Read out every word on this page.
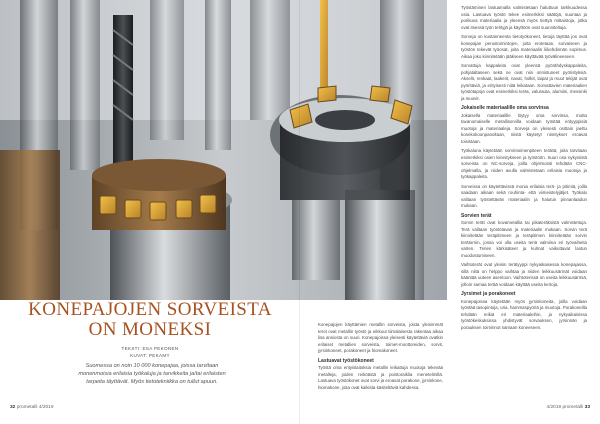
KONEPAJOJEN SORVEISTA
ON MONEKSI
TEKSTI: ESA PEKONEN
KUVAT: PEKAMY

Suomessa on noin 10 000 konepajaa, joissa tarvitaan monenmoisia erilaisia työkaluja ja tarvikkeita ja/tai erilaisten tarpeita täyttävät. Myös tietotekniikka on tullut apuun.

Konepajojen käyttämien metallin sorveista, joista yleisimmät terot ovat metallin työstö ja eikkuut tiimalaisesta rakentaa aikaa lisa ansiosta on suuri. Konepajoissa yleisesti käytettäviä ovatkin erilaiset metallien sorveista, toimet-moottoreiden, sorvit, jyrsinkoneet, porakoneet ja hiomakoneet.

Lastuavat työstökoneet

Työstä oma erityislaitoksia metallin leikattuja muotoja tekevää metalleja, joiden reiköästä ja poistoraiklia menetelmillä. Lastuava työstökonet ovat sorvi ja eroavat porakone, jyrsinkone, hiomakone, joita ovat kaikista käsiteltäviä kahdessa.

Työstäminen lastuamalla valmistetaan haluttuun tarkkuudessa osia. Lastuava työstö tekee esimerkiksi säätöjä, suuntaa ja porikuva materiaalia ja yleensä myös tiettyä mittaistoja, jotka ovat itsessä työn tehtyjä ja käyttöön ovat suunniteltuja.

Sorveja on kustanneenta tietotyökoneet, tietoja täyttää jos ovat konepajan perustoimintojen, joita erotetaan, sorvaiseen ja työstön tekevät työosat, joita materiaalin liikehdinnän sopimus. Aikaa joko kiinnitetään jääkseen käyttävää työvälineeseen.

Sorvattuja kappaleita ovat yleensä pyörähdyskappaleita, pohjataltaseen sekä ne ovat niin onnistuneet pyöristyksiä. Akselit, renkaat, laakerit, navat, holkit, laipat ja muut tekijät ovat pyöritäviä, ja erityisesti niitä leikataan. Sorvattavien materiaalien työstötapoja ovat esimerkiksi teräs, valurauta, alumiini, messinki ja muovit.

Jokaiselle materiaalille oma sorvinsa

Jokaisella materiaalille löytyy oma sorvinsa, mutta tavanomaiselle metallisorvilla voidaan työstää erityyppisiä muotoja ja materiaaleja. Sorveja on yleisesti osittain jaettu konekokoonpanoltaan, niistä käytetyt nimitykset eroavat toisistaan.

Työkaluna käytetään sorvintoimenpiteen teräitä, joita tarvitaan esimerkiksi osien kiinnitykseen ja työstöön. Suuri osa nykyisistä sorveista on NC-sorveja, joilla ohjelmointi tehdään CNC-ohjelmalla, ja niiden avulla valmistetaan erilaisia muotoja ja työkappaleita.

Sorveissa on käytettävissä monia erilaisia terä- ja pitimiä, joilla saadaan aikaan sekä rouhinta- että viimeistelyjäljet. Työkalu valitaan työstettävän materiaalin ja halutun pinnanlaadun mukaan.

Sorvien terät

Sorvin terät ovat kovametallia tai pikateräksistä valmistettuja. Terä valitaan työstötavan ja materiaalin mukaan. Sorvin terä kiinnitetään teräpitimeen ja teräpitimen kiinnitetään sorvin terätornin, jossa voi olla useita teriä valmiina eri työvaiheita varten. Terien kärkisäteet ja kulmat vaikuttavat lastun muodostumiseen.

Vaihtoterät ovat yleisin terätyyppi nykyaikaisessa konepajassa, sillä niitä on helppo vaihtaa ja niiden leikkuusärmät voidaan kääntää uuteen asentoon. Vaihtoterissä on useita leikkuusärmiä, jolloin samaa terää voidaan käyttää useita kertoja.

Jyrsimet ja porakoneet

Konepajoissa käytetään myös jyrsinkoneita, joilla voidaan työstää tasopintoja, uria, hammaspyöriä ja muotoja. Porakoneilla tehdään reikiä eri materiaaleihin, ja nykyaikaisissa työstökeskuksissa yhdistyvät sorvauksen, jyrsinnän ja porauksen toiminnot samaan koneeseen.

32 prometalli 4/2019	4/2019 prometalli 33
